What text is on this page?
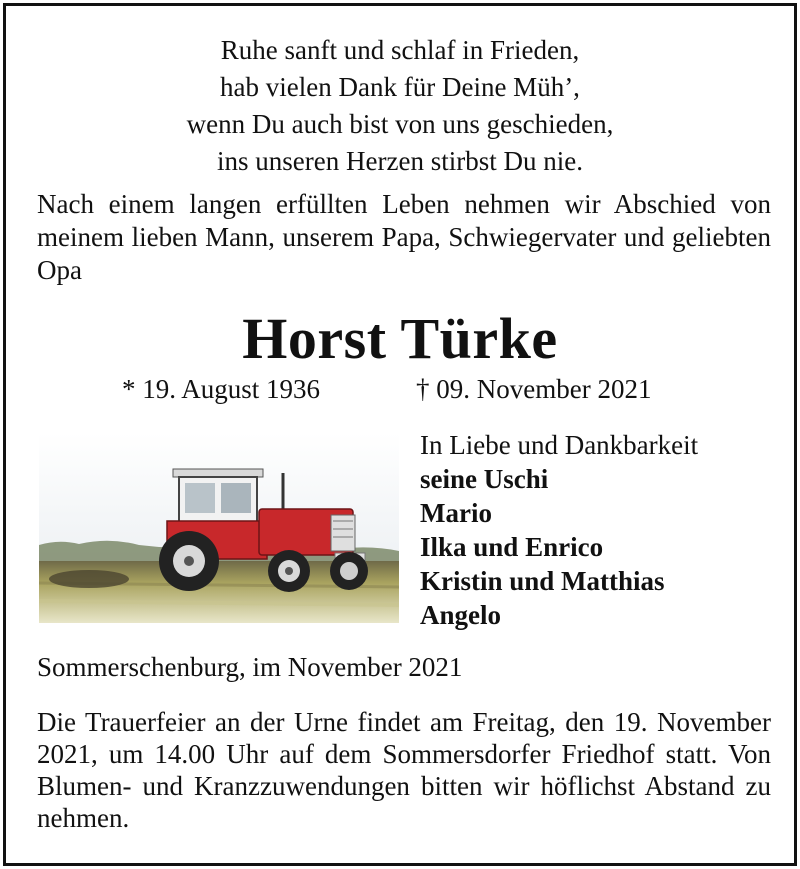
Ruhe sanft und schlaf in Frieden,
hab vielen Dank für Deine Müh’,
wenn Du auch bist von uns geschieden,
ins unseren Herzen stirbst Du nie.
Nach einem langen erfüllten Leben nehmen wir Abschied von meinem lieben Mann, unserem Papa, Schwiegervater und geliebten Opa
Horst Türke
* 19. August 1936	† 09. November 2021
In Liebe und Dankbarkeit
seine Uschi
Mario
Ilka und Enrico
Kristin und Matthias
Angelo
Sommerschenburg, im November 2021
Die Trauerfeier an der Urne findet am Freitag, den 19. November 2021, um 14.00 Uhr auf dem Sommersdorfer Friedhof statt. Von Blumen- und Kranzzuwendungen bitten wir höflichst Abstand zu nehmen.
